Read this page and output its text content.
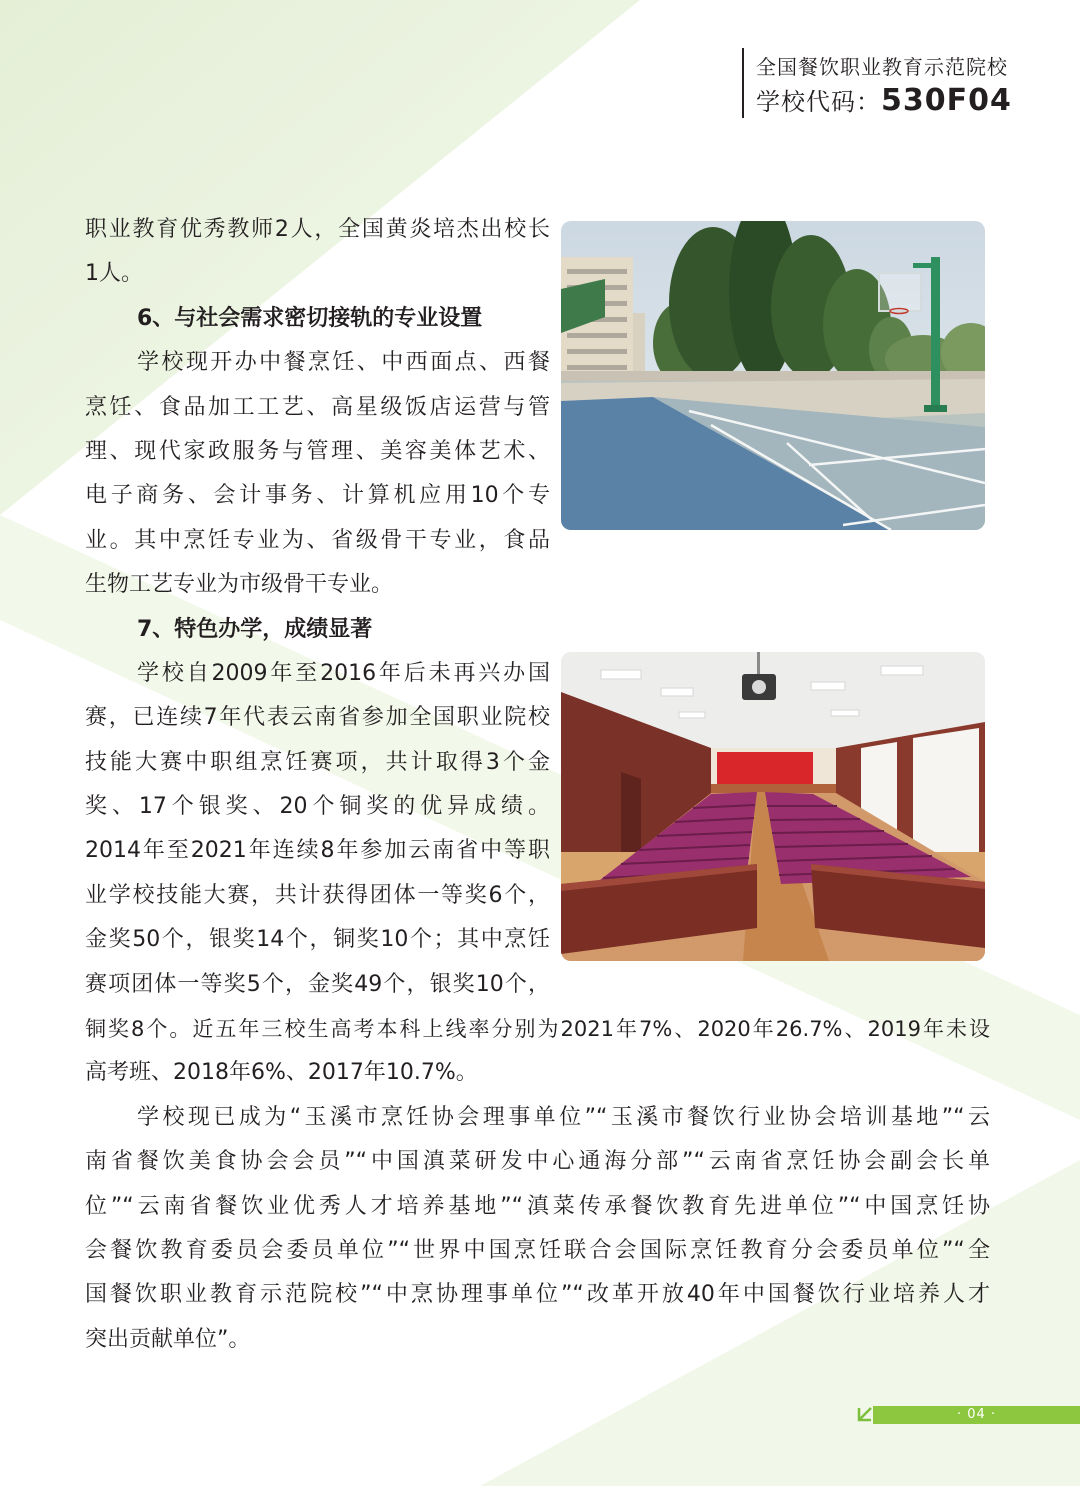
全国餐饮职业教育示范院校
学校代码：530F04
职业教育优秀教师2人，全国黄炎培杰出校长
1人。
6、与社会需求密切接轨的专业设置
学校现开办中餐烹饪、中西面点、西餐
烹饪、食品加工工艺、高星级饭店运营与管
理、现代家政服务与管理、美容美体艺术、
电子商务、会计事务、计算机应用10个专
业。其中烹饪专业为、省级骨干专业，食品
生物工艺专业为市级骨干专业。
7、特色办学，成绩显著
学校自2009年至2016年后未再兴办国
赛，已连续7年代表云南省参加全国职业院校
技能大赛中职组烹饪赛项，共计取得3个金
奖、17个银奖、20个铜奖的优异成绩。
2014年至2021年连续8年参加云南省中等职
业学校技能大赛，共计获得团体一等奖6个，
金奖50个，银奖14个，铜奖10个；其中烹饪
赛项团体一等奖5个，金奖49个，银奖10个，
铜奖8个。近五年三校生高考本科上线率分别为2021年7%、2020年26.7%、2019年未设
高考班、2018年6%、2017年10.7%。
学校现已成为“玉溪市烹饪协会理事单位”“玉溪市餐饮行业协会培训基地”“云
南省餐饮美食协会会员”“中国滇菜研发中心通海分部”“云南省烹饪协会副会长单
位”“云南省餐饮业优秀人才培养基地”“滇菜传承餐饮教育先进单位”“中国烹饪协
会餐饮教育委员会委员单位”“世界中国烹饪联合会国际烹饪教育分会委员单位”“全
国餐饮职业教育示范院校”“中烹协理事单位”“改革开放40年中国餐饮行业培养人才
突出贡献单位”。
· 04 ·
